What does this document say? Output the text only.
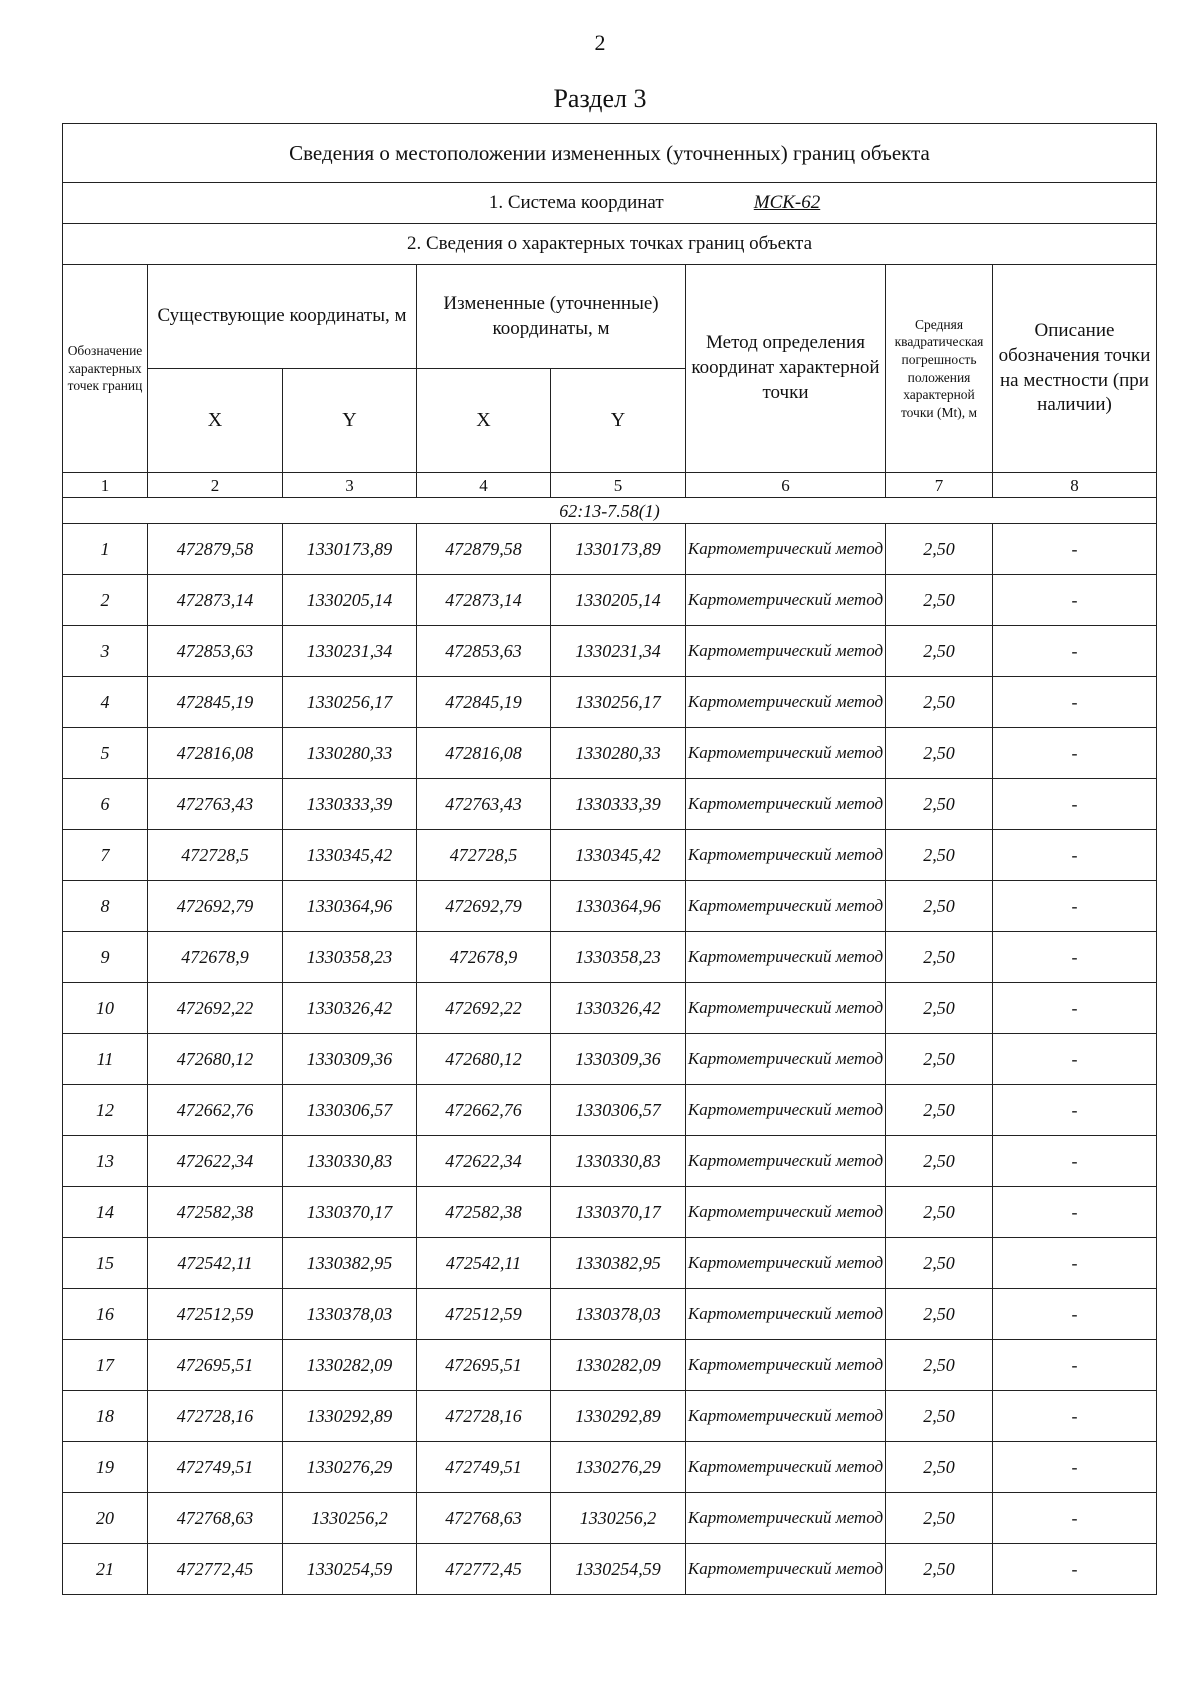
2
Раздел 3
Сведения о местоположении измененных (уточненных) границ объекта							
1. Система координат МСК-62							
2. Сведения о характерных точках границ объекта							
Обозначение характерных точек границ	Существующие координаты, м		Измененные (уточненные) координаты, м		Метод определения координат характерной точки	Средняя квадратическая погрешность положения характерной точки (Mt), м	Описание обозначения точки на местности (при наличии)
	X	Y	X	Y			
1	2	3	4	5	6	7	8
62:13-7.58(1)							
1	472879,58	1330173,89	472879,58	1330173,89	Картометрический метод	2,50	-
2	472873,14	1330205,14	472873,14	1330205,14	Картометрический метод	2,50	-
3	472853,63	1330231,34	472853,63	1330231,34	Картометрический метод	2,50	-
4	472845,19	1330256,17	472845,19	1330256,17	Картометрический метод	2,50	-
5	472816,08	1330280,33	472816,08	1330280,33	Картометрический метод	2,50	-
6	472763,43	1330333,39	472763,43	1330333,39	Картометрический метод	2,50	-
7	472728,5	1330345,42	472728,5	1330345,42	Картометрический метод	2,50	-
8	472692,79	1330364,96	472692,79	1330364,96	Картометрический метод	2,50	-
9	472678,9	1330358,23	472678,9	1330358,23	Картометрический метод	2,50	-
10	472692,22	1330326,42	472692,22	1330326,42	Картометрический метод	2,50	-
11	472680,12	1330309,36	472680,12	1330309,36	Картометрический метод	2,50	-
12	472662,76	1330306,57	472662,76	1330306,57	Картометрический метод	2,50	-
13	472622,34	1330330,83	472622,34	1330330,83	Картометрический метод	2,50	-
14	472582,38	1330370,17	472582,38	1330370,17	Картометрический метод	2,50	-
15	472542,11	1330382,95	472542,11	1330382,95	Картометрический метод	2,50	-
16	472512,59	1330378,03	472512,59	1330378,03	Картометрический метод	2,50	-
17	472695,51	1330282,09	472695,51	1330282,09	Картометрический метод	2,50	-
18	472728,16	1330292,89	472728,16	1330292,89	Картометрический метод	2,50	-
19	472749,51	1330276,29	472749,51	1330276,29	Картометрический метод	2,50	-
20	472768,63	1330256,2	472768,63	1330256,2	Картометрический метод	2,50	-
21	472772,45	1330254,59	472772,45	1330254,59	Картометрический метод	2,50	-
